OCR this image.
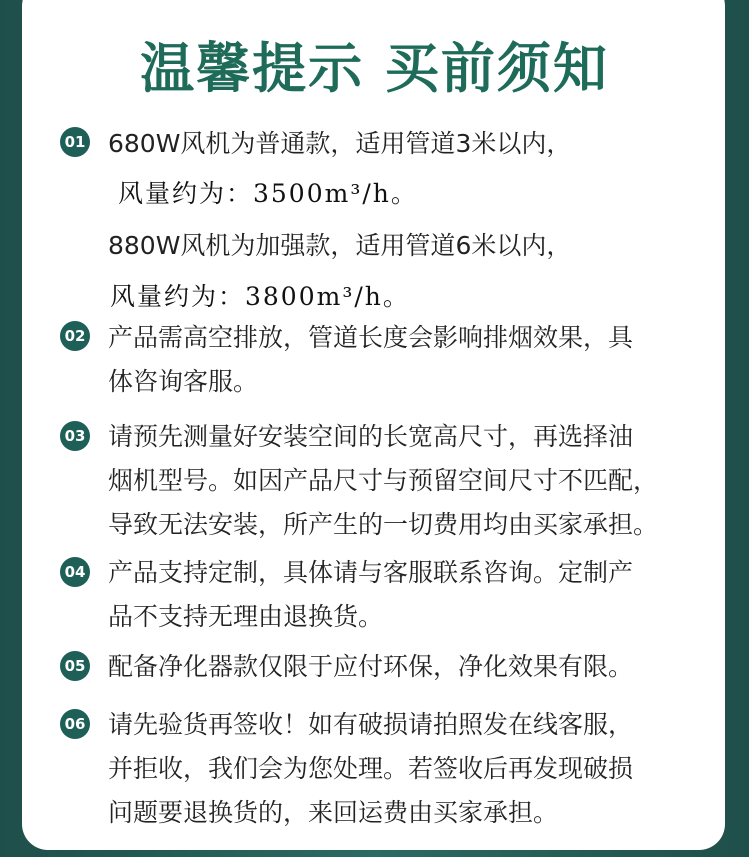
温馨提示 买前须知
01 680W风机为普通款，适用管道3米以内，
风量约为：3500m³/h。
880W风机为加强款，适用管道6米以内，
风量约为：3800m³/h。
02 产品需高空排放，管道长度会影响排烟效果，具
体咨询客服。
03 请预先测量好安装空间的长宽高尺寸，再选择油
烟机型号。如因产品尺寸与预留空间尺寸不匹配，
导致无法安装，所产生的一切费用均由买家承担。
04 产品支持定制，具体请与客服联系咨询。定制产
品不支持无理由退换货。
05 配备净化器款仅限于应付环保，净化效果有限。
06 请先验货再签收！如有破损请拍照发在线客服，
并拒收，我们会为您处理。若签收后再发现破损
问题要退换货的，来回运费由买家承担。
